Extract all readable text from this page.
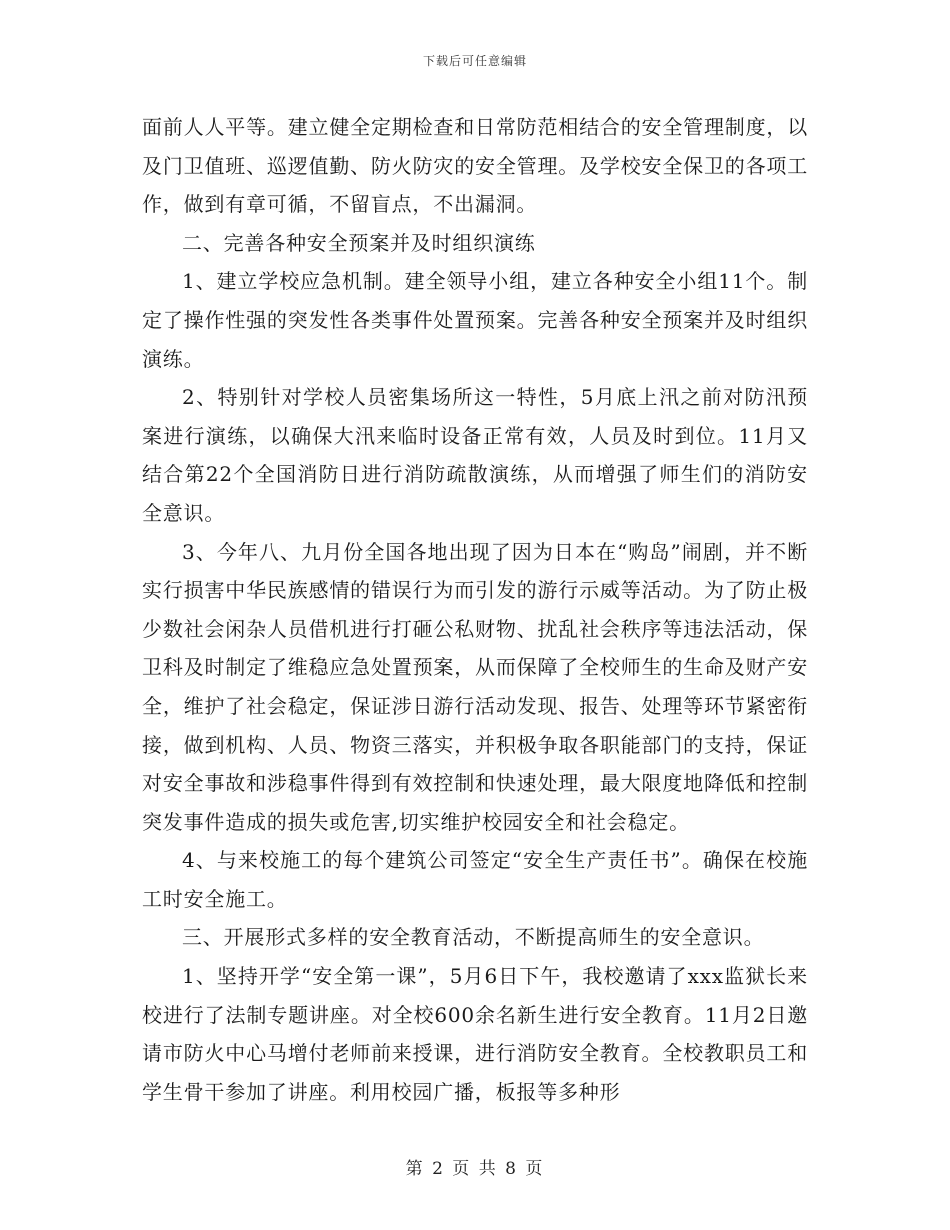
下载后可任意编辑

面前人人平等。建立健全定期检查和日常防范相结合的安全管理制度，以及门卫值班、巡逻值勤、防火防灾的安全管理。及学校安全保卫的各项工作，做到有章可循，不留盲点，不出漏洞。

二、完善各种安全预案并及时组织演练

1、建立学校应急机制。建全领导小组，建立各种安全小组11个。制定了操作性强的突发性各类事件处置预案。完善各种安全预案并及时组织演练。

2、特别针对学校人员密集场所这一特性，5月底上汛之前对防汛预案进行演练，以确保大汛来临时设备正常有效，人员及时到位。11月又结合第22个全国消防日进行消防疏散演练，从而增强了师生们的消防安全意识。

3、今年八、九月份全国各地出现了因为日本在“购岛”闹剧，并不断实行损害中华民族感情的错误行为而引发的游行示威等活动。为了防止极少数社会闲杂人员借机进行打砸公私财物、扰乱社会秩序等违法活动，保卫科及时制定了维稳应急处置预案，从而保障了全校师生的生命及财产安全，维护了社会稳定，保证涉日游行活动发现、报告、处理等环节紧密衔接，做到机构、人员、物资三落实，并积极争取各职能部门的支持，保证对安全事故和涉稳事件得到有效控制和快速处理，最大限度地降低和控制突发事件造成的损失或危害,切实维护校园安全和社会稳定。

4、与来校施工的每个建筑公司签定“安全生产责任书”。确保在校施工时安全施工。

三、开展形式多样的安全教育活动，不断提高师生的安全意识。

1、坚持开学“安全第一课”，5月6日下午，我校邀请了xxx监狱长来校进行了法制专题讲座。对全校600余名新生进行安全教育。11月2日邀请市防火中心马增付老师前来授课，进行消防安全教育。全校教职员工和学生骨干参加了讲座。利用校园广播，板报等多种形

第 2 页 共 8 页
